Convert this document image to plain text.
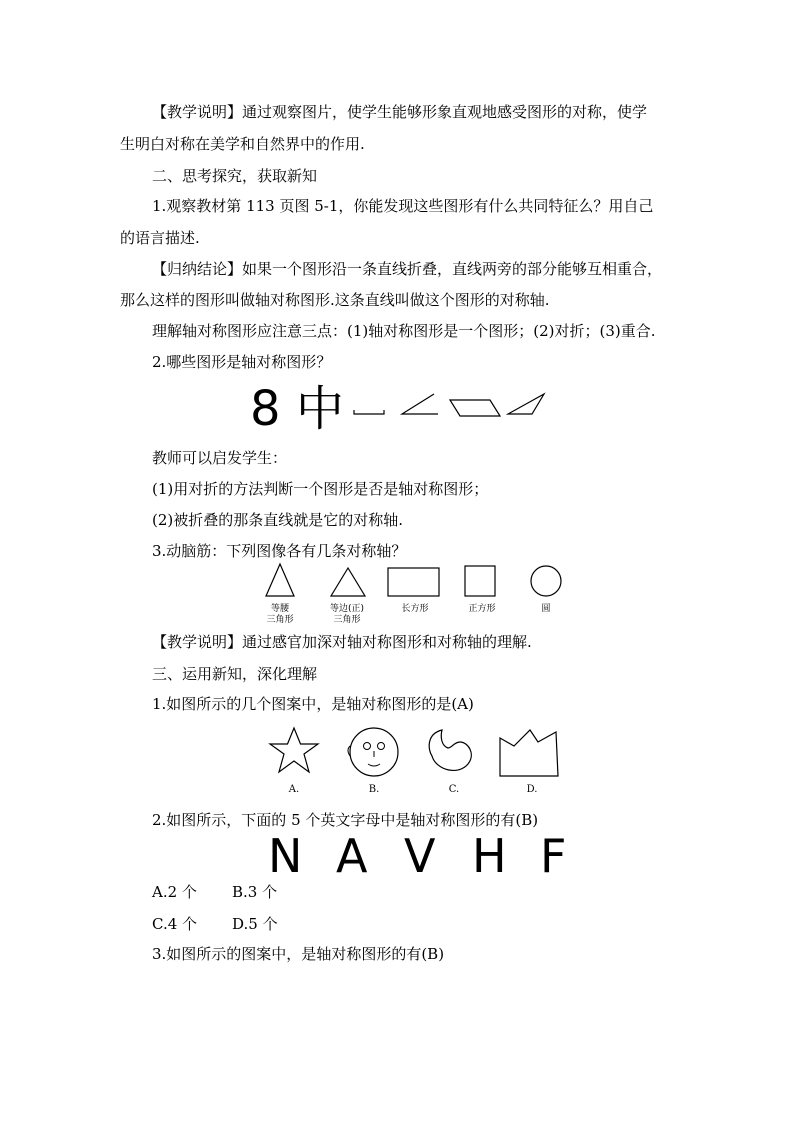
【教学说明】通过观察图片，使学生能够形象直观地感受图形的对称，使学
生明白对称在美学和自然界中的作用.
二、思考探究，获取新知
1.观察教材第 113 页图 5-1，你能发现这些图形有什么共同特征么？用自己
的语言描述.
【归纳结论】如果一个图形沿一条直线折叠，直线两旁的部分能够互相重合，
那么这样的图形叫做轴对称图形.这条直线叫做这个图形的对称轴.
理解轴对称图形应注意三点：(1)轴对称图形是一个图形；(2)对折；(3)重合.
2.哪些图形是轴对称图形？
8 中
教师可以启发学生：
(1)用对折的方法判断一个图形是否是轴对称图形；
(2)被折叠的那条直线就是它的对称轴.
3.动脑筋：下列图像各有几条对称轴？
等腰
三角形
等边(正)
三角形
长方形	正方形	圆
【教学说明】通过感官加深对轴对称图形和对称轴的理解.
三、运用新知，深化理解
1.如图所示的几个图案中，是轴对称图形的是(A)
A.	B.	C.	D.
2.如图所示，下面的 5 个英文字母中是轴对称图形的有(B)
N A V H F
A.2 个 B.3 个
C.4 个 D.5 个
3.如图所示的图案中，是轴对称图形的有(B)
